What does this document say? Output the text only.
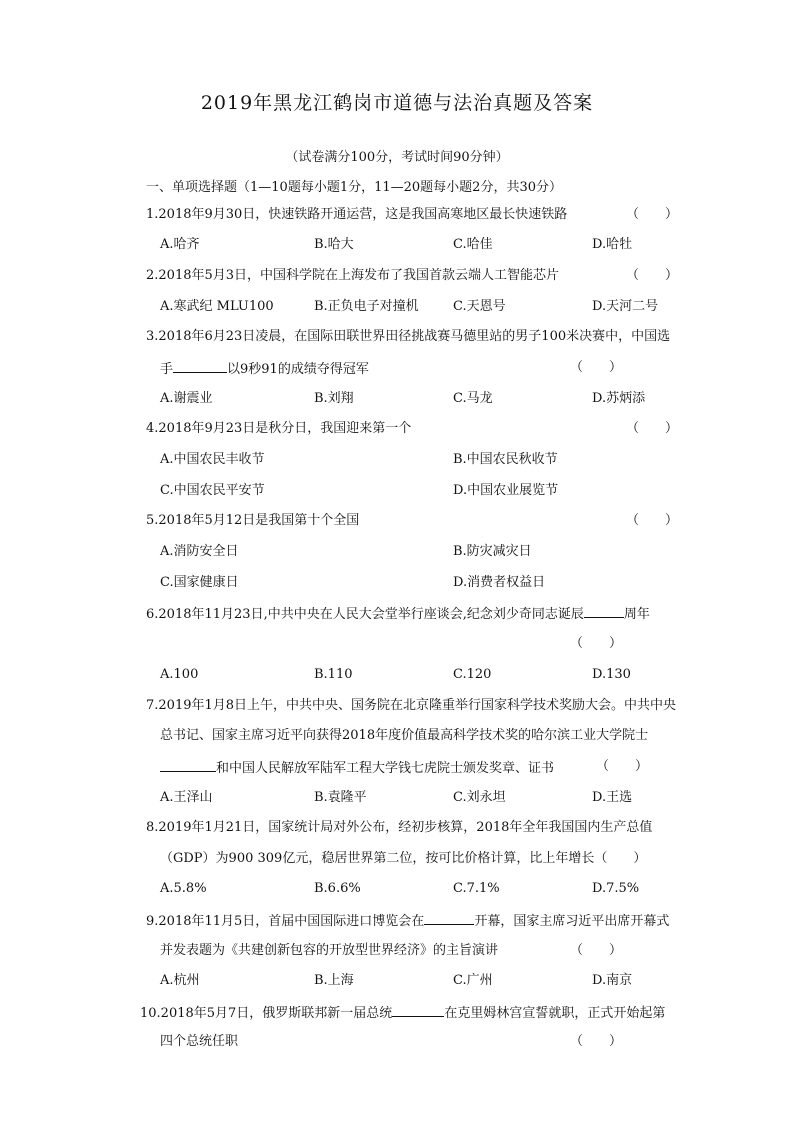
2019年黑龙江鹤岗市道德与法治真题及答案
（试卷满分100分，考试时间90分钟）
一、单项选择题（1—10题每小题1分，11—20题每小题2分，共30分）
1.2018年9月30日，快速铁路开通运营，这是我国高寒地区最长快速铁路	（　　）
A.哈齐	B.哈大	C.哈佳	D.哈牡
2.2018年5月3日，中国科学院在上海发布了我国首款云端人工智能芯片	（　　）
A.寒武纪 MLU100	B.正负电子对撞机	C.天恩号	D.天河二号
3.2018年6月23日凌晨，在国际田联世界田径挑战赛马德里站的男子100米决赛中，中国选
手	以9秒91的成绩夺得冠军	（　　）
A.谢震业	B.刘翔	C.马龙	D.苏炳添
4.2018年9月23日是秋分日，我国迎来第一个	（　　）
A.中国农民丰收节	B.中国农民秋收节
C.中国农民平安节	D.中国农业展览节
5.2018年5月12日是我国第十个全国	（　　）
A.消防安全日	B.防灾减灾日
C.国家健康日	D.消费者权益日
6.2018年11月23日,中共中央在人民大会堂举行座谈会,纪念刘少奇同志诞辰	周年
（　　）
A.100	B.110	C.120	D.130
7.2019年1月8日上午，中共中央、国务院在北京隆重举行国家科学技术奖励大会。中共中央
总书记、国家主席习近平向获得2018年度价值最高科学技术奖的哈尔滨工业大学院士
和中国人民解放军陆军工程大学钱七虎院士颁发奖章、证书	（　　）
A.王泽山	B.袁隆平	C.刘永坦	D.王选
8.2019年1月21日，国家统计局对外公布，经初步核算，2018年全年我国国内生产总值
（GDP）为900 309亿元，稳居世界第二位，按可比价格计算，比上年增长（　　）
A.5.8%	B.6.6%	C.7.1%	D.7.5%
9.2018年11月5日，首届中国国际进口博览会在	开幕，国家主席习近平出席开幕式
并发表题为《共建创新包容的开放型世界经济》的主旨演讲	（　　）
A.杭州	B.上海	C.广州	D.南京
10.2018年5月7日，俄罗斯联邦新一届总统	在克里姆林宫宣誓就职，正式开始起第
四个总统任职	（　　）
